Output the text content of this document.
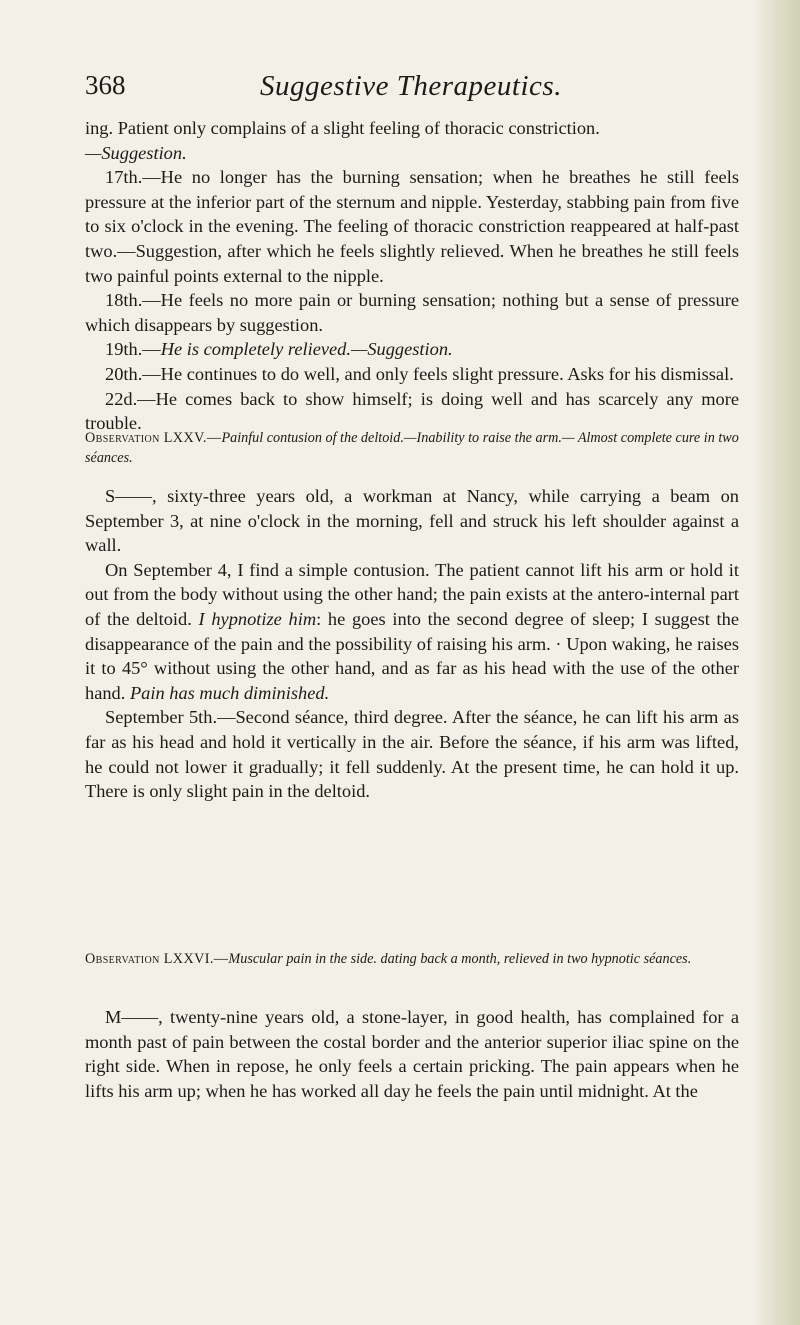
368	Suggestive Therapeutics.

ing. Patient only complains of a slight feeling of thoracic constriction.
—Suggestion.

17th.—He no longer has the burning sensation; when he breathes he still feels pressure at the inferior part of the sternum and nipple. Yesterday, stabbing pain from five to six o'clock in the evening. The feeling of thoracic constriction reappeared at half-past two.—Suggestion, after which he feels slightly relieved. When he breathes he still feels two painful points external to the nipple.

18th.—He feels no more pain or burning sensation; nothing but a sense of pressure which disappears by suggestion.

19th.—He is completely relieved.—Suggestion.

20th.—He continues to do well, and only feels slight pressure. Asks for his dismissal.

22d.—He comes back to show himself; is doing well and has scarcely any more trouble.

Observation LXXV.—Painful contusion of the deltoid.—Inability to raise the arm.— Almost complete cure in two séances.

S——, sixty-three years old, a workman at Nancy, while carrying a beam on September 3, at nine o'clock in the morning, fell and struck his left shoulder against a wall.

On September 4, I find a simple contusion. The patient cannot lift his arm or hold it out from the body without using the other hand; the pain exists at the antero-internal part of the deltoid. I hypnotize him: he goes into the second degree of sleep; I suggest the disappearance of the pain and the possibility of raising his arm. · Upon waking, he raises it to 45° without using the other hand, and as far as his head with the use of the other hand. Pain has much diminished.

September 5th.—Second séance, third degree. After the séance, he can lift his arm as far as his head and hold it vertically in the air. Before the séance, if his arm was lifted, he could not lower it gradually; it fell suddenly. At the present time, he can hold it up. There is only slight pain in the deltoid.

Observation LXXVI.—Muscular pain in the side. dating back a month, relieved in two hypnotic séances.

M——, twenty-nine years old, a stone-layer, in good health, has complained for a month past of pain between the costal border and the anterior superior iliac spine on the right side. When in repose, he only feels a certain pricking. The pain appears when he lifts his arm up; when he has worked all day he feels the pain until midnight. At the
